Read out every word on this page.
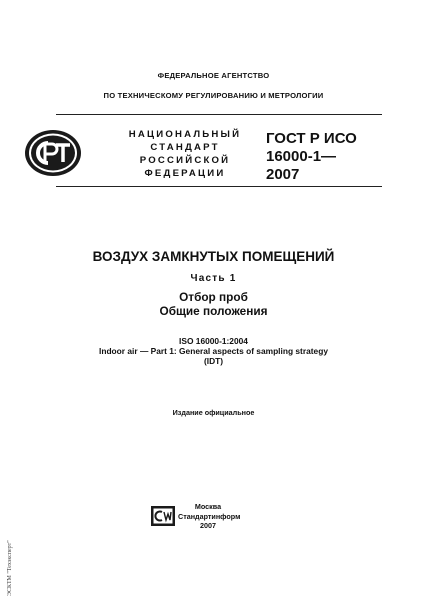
ФЕДЕРАЛЬНОЕ АГЕНТСТВО
ПО ТЕХНИЧЕСКОМУ РЕГУЛИРОВАНИЮ И МЕТРОЛОГИИ
НАЦИОНАЛЬНЫЙ
СТАНДАРТ
РОССИЙСКОЙ
ФЕДЕРАЦИИ
ГОСТ Р ИСО
16000-1—
2007
ВОЗДУХ ЗАМКНУТЫХ ПОМЕЩЕНИЙ
Часть 1
Отбор проб
Общие положения
ISO 16000-1:2004
Indoor air — Part 1: General aspects of sampling strategy
(IDT)
Издание официальное
ЭСКТМ "Техэксперт"
Москва
Стандартинформ
2007
